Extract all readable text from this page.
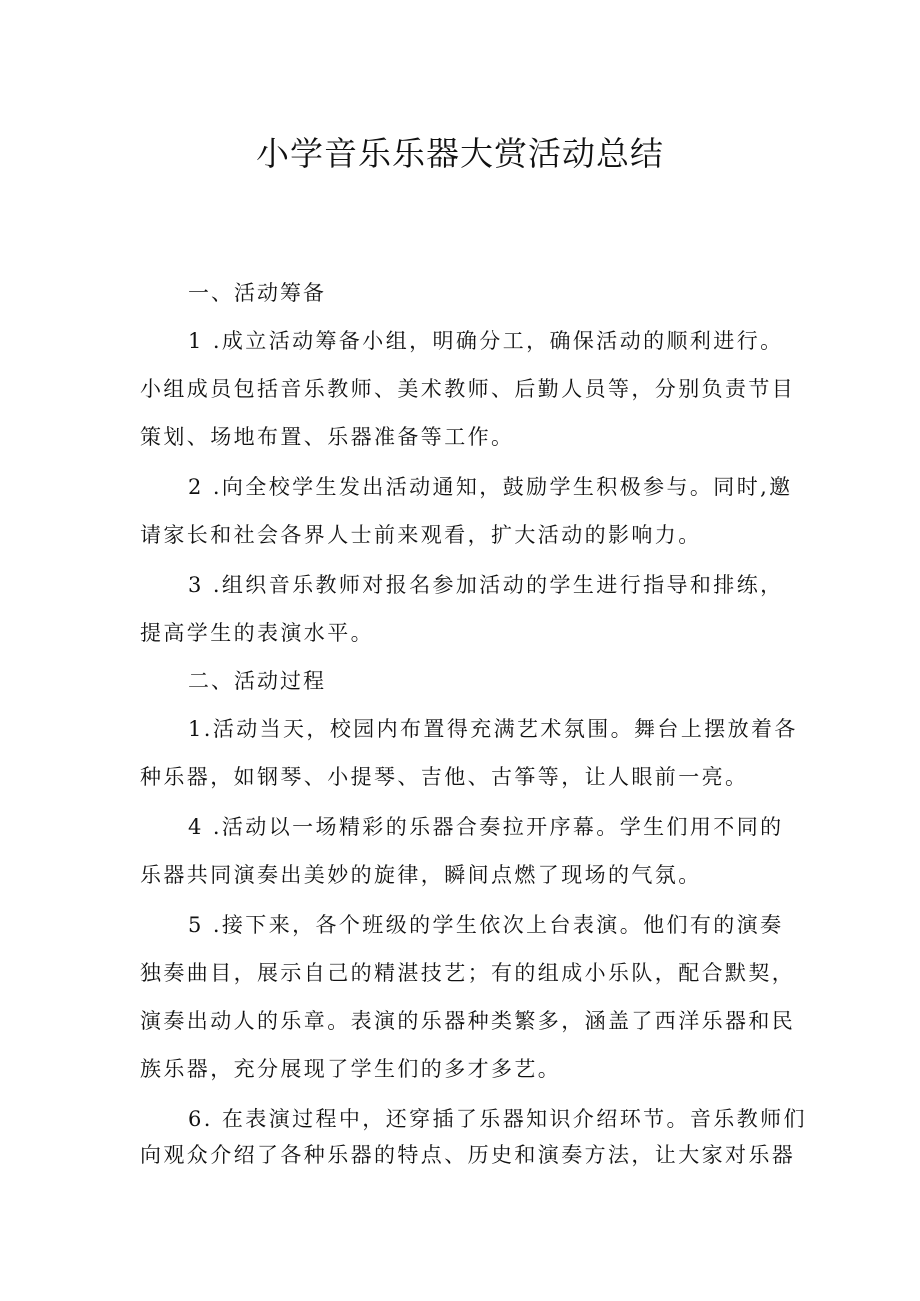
小学音乐乐器大赏活动总结
一、活动筹备
1 .成立活动筹备小组，明确分工，确保活动的顺利进行。
小组成员包括音乐教师、美术教师、后勤人员等，分别负责节目
策划、场地布置、乐器准备等工作。
2 .向全校学生发出活动通知，鼓励学生积极参与。同时,邀
请家长和社会各界人士前来观看，扩大活动的影响力。
3 .组织音乐教师对报名参加活动的学生进行指导和排练，
提高学生的表演水平。
二、活动过程
1.活动当天，校园内布置得充满艺术氛围。舞台上摆放着各
种乐器，如钢琴、小提琴、吉他、古筝等，让人眼前一亮。
4 .活动以一场精彩的乐器合奏拉开序幕。学生们用不同的
乐器共同演奏出美妙的旋律，瞬间点燃了现场的气氛。
5 .接下来，各个班级的学生依次上台表演。他们有的演奏
独奏曲目，展示自己的精湛技艺；有的组成小乐队，配合默契，
演奏出动人的乐章。表演的乐器种类繁多，涵盖了西洋乐器和民
族乐器，充分展现了学生们的多才多艺。
6. 在表演过程中，还穿插了乐器知识介绍环节。音乐教师们
向观众介绍了各种乐器的特点、历史和演奏方法，让大家对乐器
